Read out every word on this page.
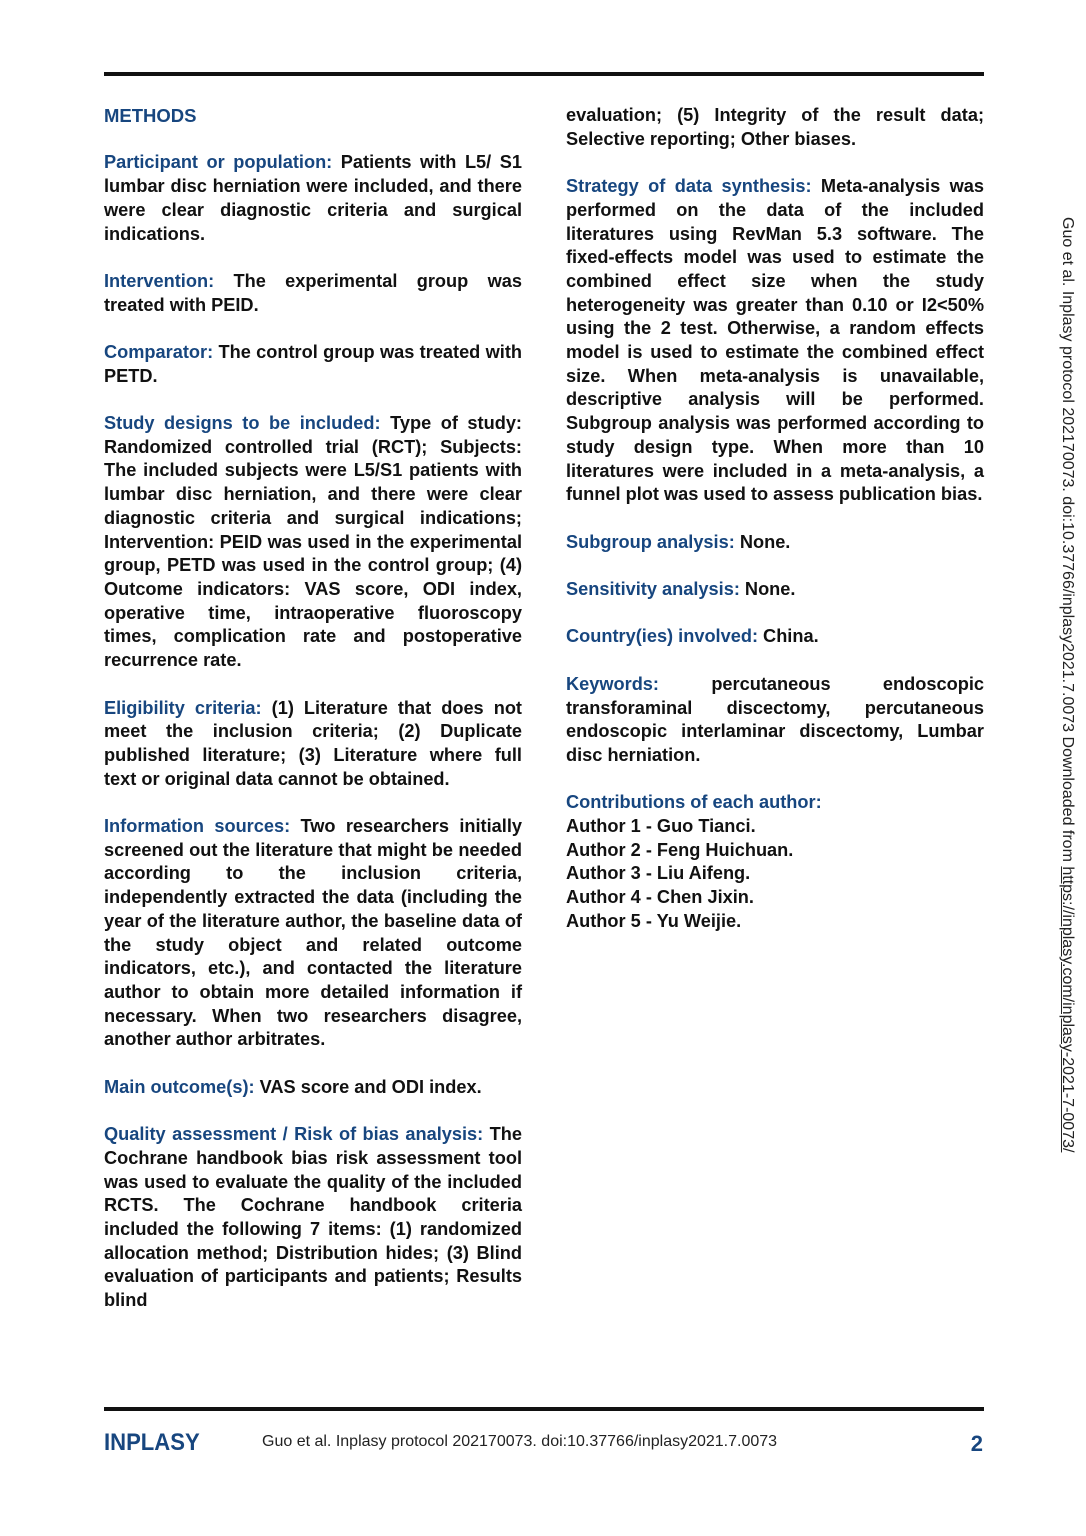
METHODS
Participant or population: Patients with L5/ S1 lumbar disc herniation were included, and there were clear diagnostic criteria and surgical indications.
Intervention: The experimental group was treated with PEID.
Comparator: The control group was treated with PETD.
Study designs to be included: Type of study: Randomized controlled trial (RCT); Subjects: The included subjects were L5/S1 patients with lumbar disc herniation, and there were clear diagnostic criteria and surgical indications; Intervention: PEID was used in the experimental group, PETD was used in the control group; (4) Outcome indicators: VAS score, ODI index, operative time, intraoperative fluoroscopy times, complication rate and postoperative recurrence rate.
Eligibility criteria: (1) Literature that does not meet the inclusion criteria; (2) Duplicate published literature; (3) Literature where full text or original data cannot be obtained.
Information sources: Two researchers initially screened out the literature that might be needed according to the inclusion criteria, independently extracted the data (including the year of the literature author, the baseline data of the study object and related outcome indicators, etc.), and contacted the literature author to obtain more detailed information if necessary. When two researchers disagree, another author arbitrates.
Main outcome(s): VAS score and ODI index.
Quality assessment / Risk of bias analysis: The Cochrane handbook bias risk assessment tool was used to evaluate the quality of the included RCTS. The Cochrane handbook criteria included the following 7 items: (1) randomized allocation method; Distribution hides; (3) Blind evaluation of participants and patients; Results blind
evaluation; (5) Integrity of the result data; Selective reporting; Other biases.
Strategy of data synthesis: Meta-analysis was performed on the data of the included literatures using RevMan 5.3 software. The fixed-effects model was used to estimate the combined effect size when the study heterogeneity was greater than 0.10 or I2<50% using the 2 test. Otherwise, a random effects model is used to estimate the combined effect size. When meta-analysis is unavailable, descriptive analysis will be performed. Subgroup analysis was performed according to study design type. When more than 10 literatures were included in a meta-analysis, a funnel plot was used to assess publication bias.
Subgroup analysis: None.
Sensitivity analysis: None.
Country(ies) involved: China.
Keywords: percutaneous endoscopic transforaminal discectomy, percutaneous endoscopic interlaminar discectomy, Lumbar disc herniation.
Contributions of each author:
Author 1 - Guo Tianci.
Author 2 - Feng Huichuan.
Author 3 - Liu Aifeng.
Author 4 - Chen Jixin.
Author 5 - Yu Weijie.
Guo et al. Inplasy protocol 202170073. doi:10.37766/inplasy2021.7.0073 Downloaded from https://inplasy.com/inplasy-2021-7-0073/
INPLASY	Guo et al. Inplasy protocol 202170073. doi:10.37766/inplasy2021.7.0073	2
